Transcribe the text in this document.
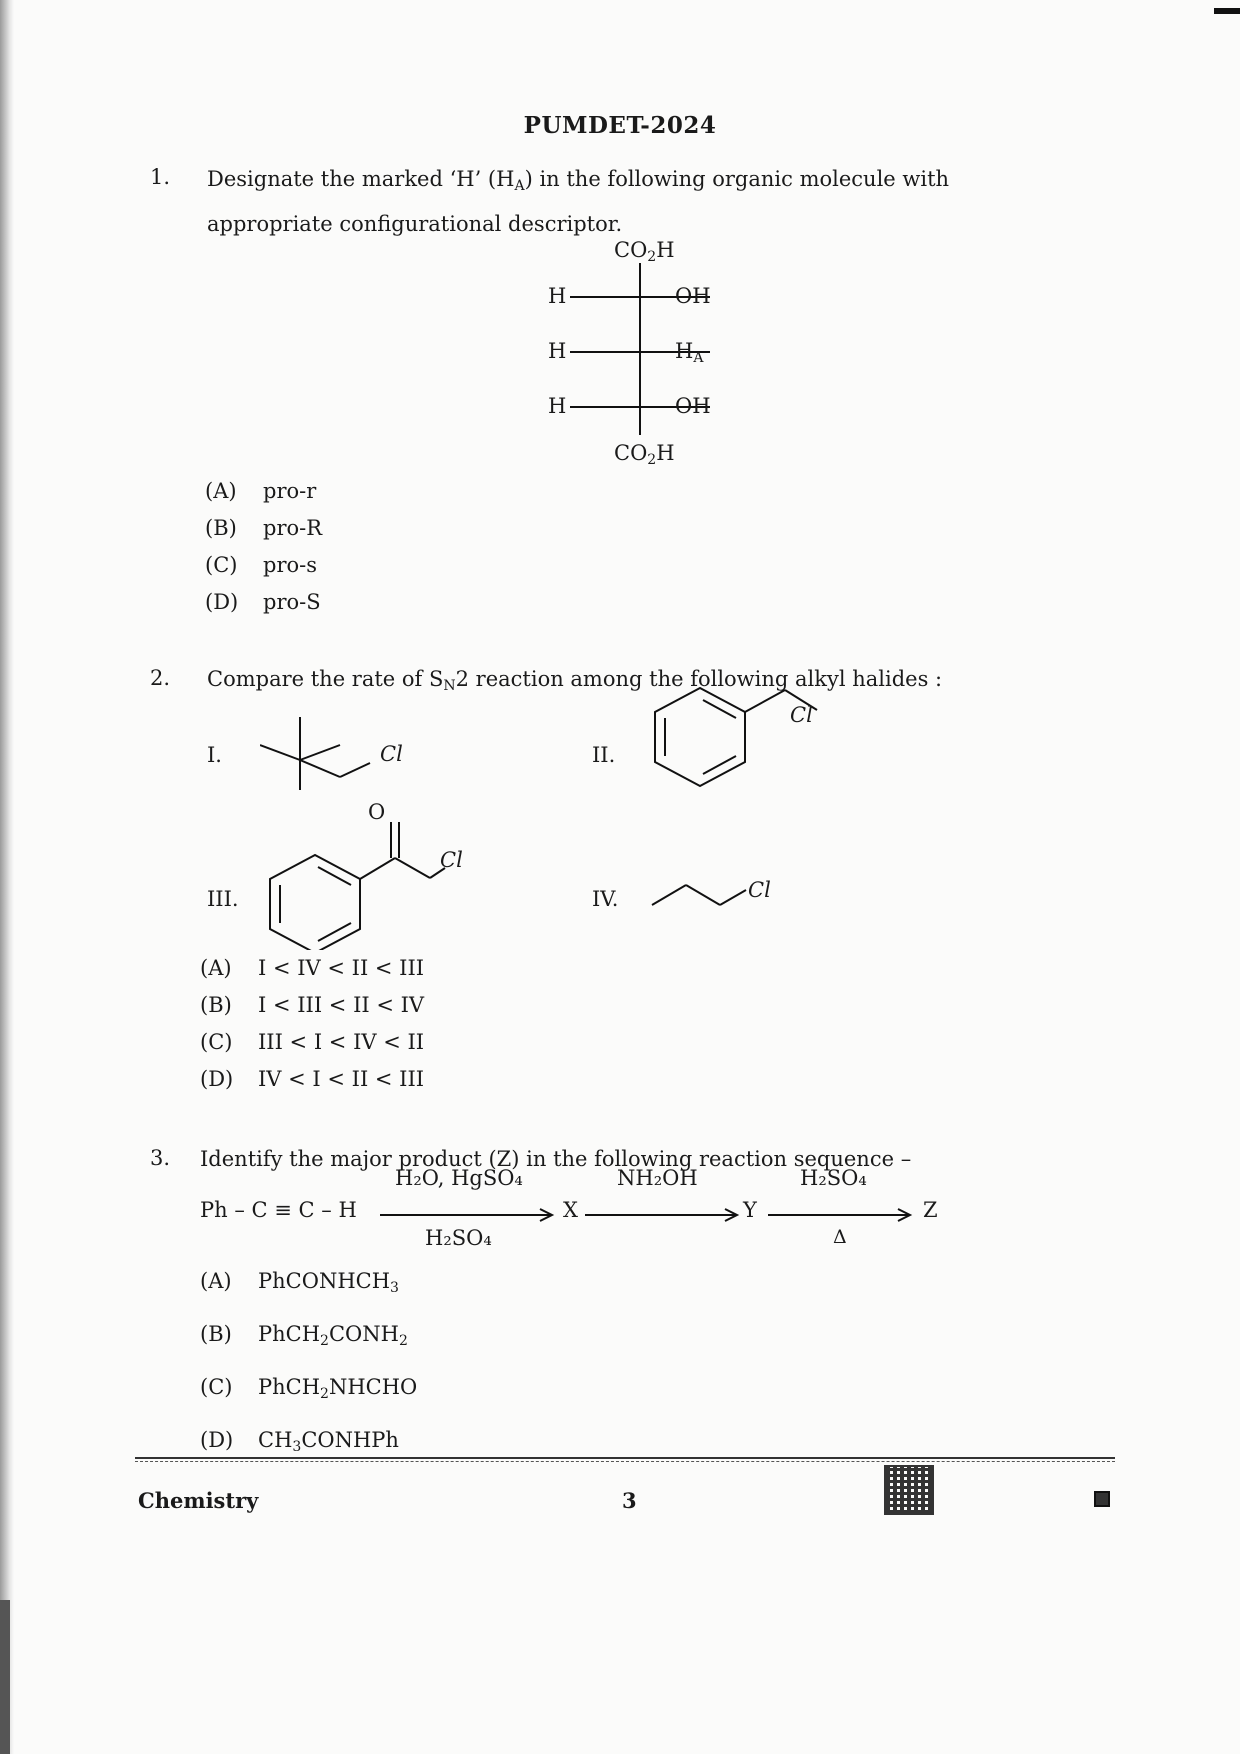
PUMDET-2024
1. Designate the marked ‘H’ $(H_A)$ in the following organic molecule with
appropriate configurational descriptor.
$CO_2H$
H	OH
H	$H_A$
H	OH
$CO_2H$
(A) pro-r
(B) pro-R
(C) pro-s
(D) pro-S
2. Compare the rate of $S_N2$ reaction among the following alkyl halides :
I.	Cl	II.
Cl
III.
O
Cl
IV.	Cl
(A) I < IV < II < III
(B) I < III < II < IV
(C) III < I < IV < II
(D) IV < I < II < III
3. Identify the major product (Z) in the following reaction sequence –
Ph – C ≡ C – H
H₂O, HgSO₄
H₂SO₄
X
NH₂OH
Y
H₂SO₄
Δ
Z
(A) PhCONHCH$_3$
(B) $PhCH_2CONH_2$
(C) PhCH$_2$NHCHO
(D) $CH_3CONHPh$
Chemistry	3
